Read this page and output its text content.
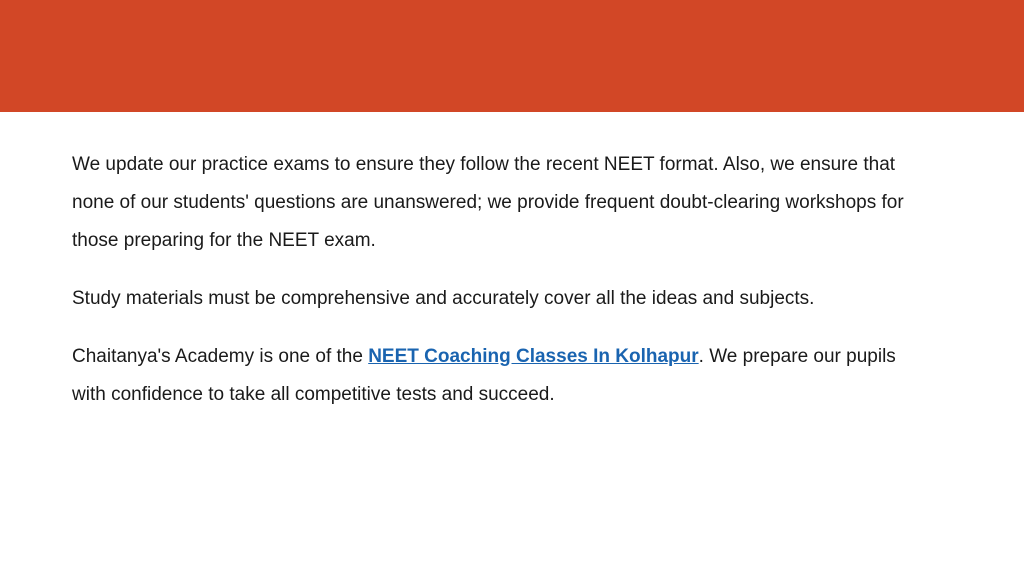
We update our practice exams to ensure they follow the recent NEET format. Also, we ensure that none of our students' questions are unanswered; we provide frequent doubt-clearing workshops for those preparing for the NEET exam.

Study materials must be comprehensive and accurately cover all the ideas and subjects.

Chaitanya's Academy is one of the NEET Coaching Classes In Kolhapur. We prepare our pupils with confidence to take all competitive tests and succeed.
